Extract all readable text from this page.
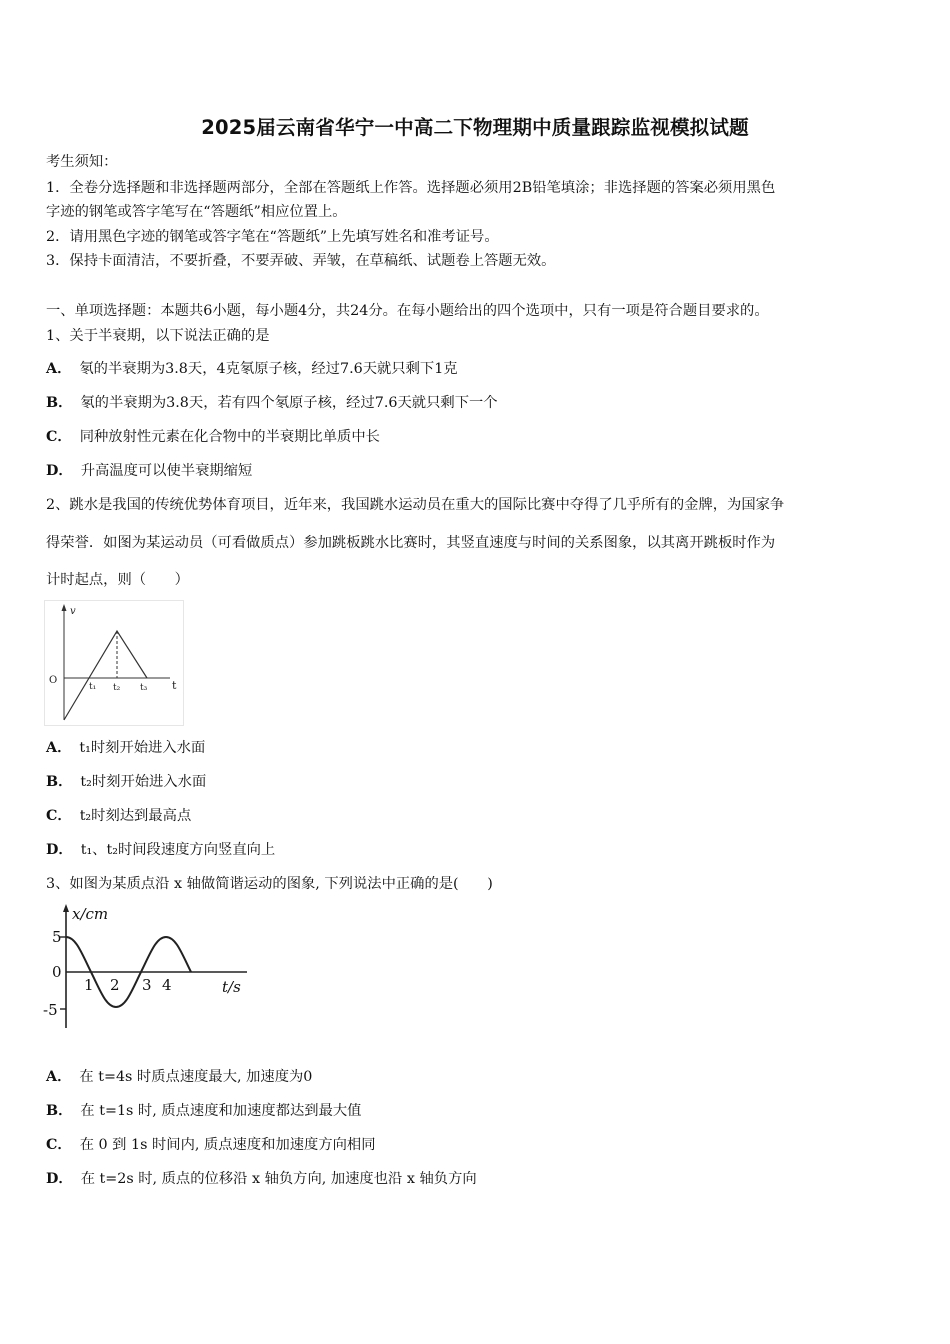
2025届云南省华宁一中高二下物理期中质量跟踪监视模拟试题
考生须知：
1．全卷分选择题和非选择题两部分，全部在答题纸上作答。选择题必须用2B铅笔填涂；非选择题的答案必须用黑色
字迹的钢笔或答字笔写在“答题纸”相应位置上。
2．请用黑色字迹的钢笔或答字笔在“答题纸”上先填写姓名和准考证号。
3．保持卡面清洁，不要折叠，不要弄破、弄皱，在草稿纸、试题卷上答题无效。
一、单项选择题：本题共6小题，每小题4分，共24分。在每小题给出的四个选项中，只有一项是符合题目要求的。
1、关于半衰期，以下说法正确的是
A． 氡的半衰期为3.8天，4克氡原子核，经过7.6天就只剩下1克
B． 氡的半衰期为3.8天，若有四个氡原子核，经过7.6天就只剩下一个
C． 同种放射性元素在化合物中的半衰期比单质中长
D． 升高温度可以使半衰期缩短
2、跳水是我国的传统优势体育项目，近年来，我国跳水运动员在重大的国际比赛中夺得了几乎所有的金牌，为国家争
得荣誉．如图为某运动员（可看做质点）参加跳板跳水比赛时，其竖直速度与时间的关系图象，以其离开跳板时作为
计时起点，则（　　）
v
O	t
t₁ t₂ t₃
A． t₁时刻开始进入水面
B． t₂时刻开始进入水面
C． t₂时刻达到最高点
D． t₁、t₂时间段速度方向竖直向上
3、如图为某质点沿 x 轴做简谐运动的图象, 下列说法中正确的是(　　)
x/cm
5
0
-5
1 2 3 4	t/s
A． 在 t=4s 时质点速度最大, 加速度为0
B． 在 t=1s 时, 质点速度和加速度都达到最大值
C． 在 0 到 1s 时间内, 质点速度和加速度方向相同
D． 在 t=2s 时, 质点的位移沿 x 轴负方向, 加速度也沿 x 轴负方向
